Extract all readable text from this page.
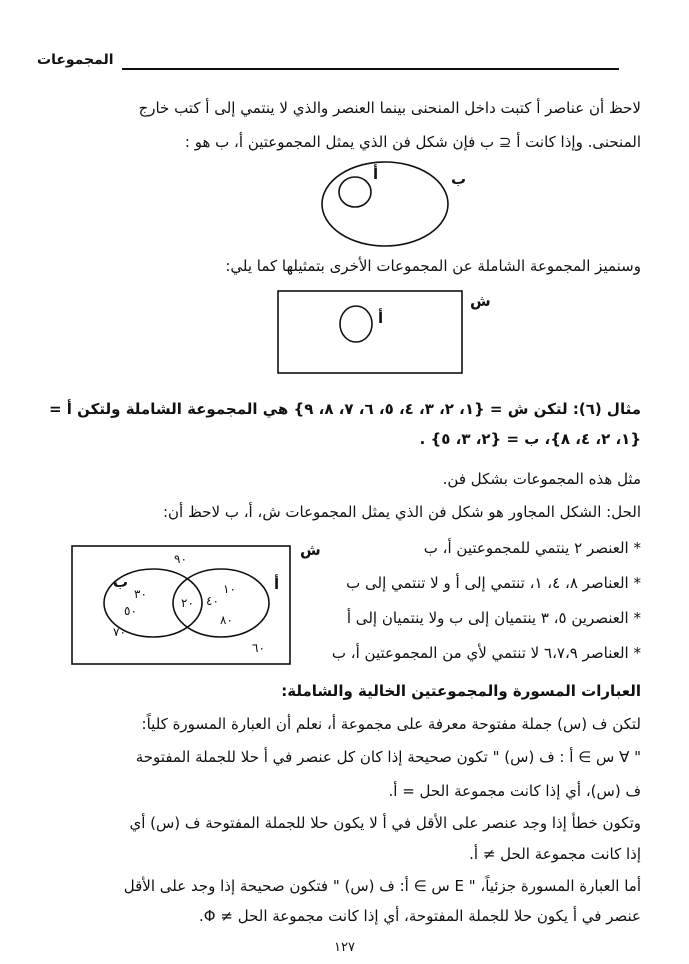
المجموعات
لاحظ أن عناصر أ كتبت داخل المنحنى بينما العنصر والذي لا ينتمي إلى أ كتب خارج
المنحنى. وإذا كانت أ ⊆ ب فإن شكل فن الذي يمثل المجموعتين أ، ب هو :
ب
أ
وسنميز المجموعة الشاملة عن المجموعات الأخرى بتمثيلها كما يلي:
ش
أ
مثال (٦): لتكن ش = {١، ٢، ٣، ٤، ٥، ٦، ٧، ٨، ٩} هي المجموعة الشاملة ولتكن أ =
{١، ٢، ٤، ٨}، ب = {٢، ٣، ٥} .
مثل هذه المجموعات بشكل فن.
الحل: الشكل المجاور هو شكل فن الذي يمثل المجموعات ش، أ، ب لاحظ أن:
* العنصر ٢ ينتمي للمجموعتين أ، ب
* العناصر ٨، ٤، ١، تنتمي إلى أ و لا تنتمي إلى ب
* العنصرين ٥، ٣ ينتميان إلى ب ولا ينتميان إلى أ
* العناصر ٦،٧،٩ لا تنتمي لأي من المجموعتين أ، ب
ش
أ
ب
٩٠
٧٠
٦٠
١٠
٤٠
٨٠
٢٠
٣٠
٥٠
العبارات المسورة والمجموعتين الخالية والشاملة:
لتكن ف (س) جملة مفتوحة معرفة على مجموعة أ، نعلم أن العبارة المسورة كلياً:
" ∀ س ∋ أ : ف (س) " تكون صحيحة إذا كان كل عنصر في أ حلا للجملة المفتوحة
ف (س)، أي إذا كانت مجموعة الحل = أ.
وتكون خطأ إذا وجد عنصر على الأقل في أ لا يكون حلا للجملة المفتوحة ف (س) أي
إذا كانت مجموعة الحل ≠ أ.
أما العبارة المسورة جزئياً، " E س ∋ أ: ف (س) " فتكون صحيحة إذا وجد على الأقل
عنصر في أ يكون حلا للجملة المفتوحة، أي إذا كانت مجموعة الحل ≠ Φ.
١٢٧
